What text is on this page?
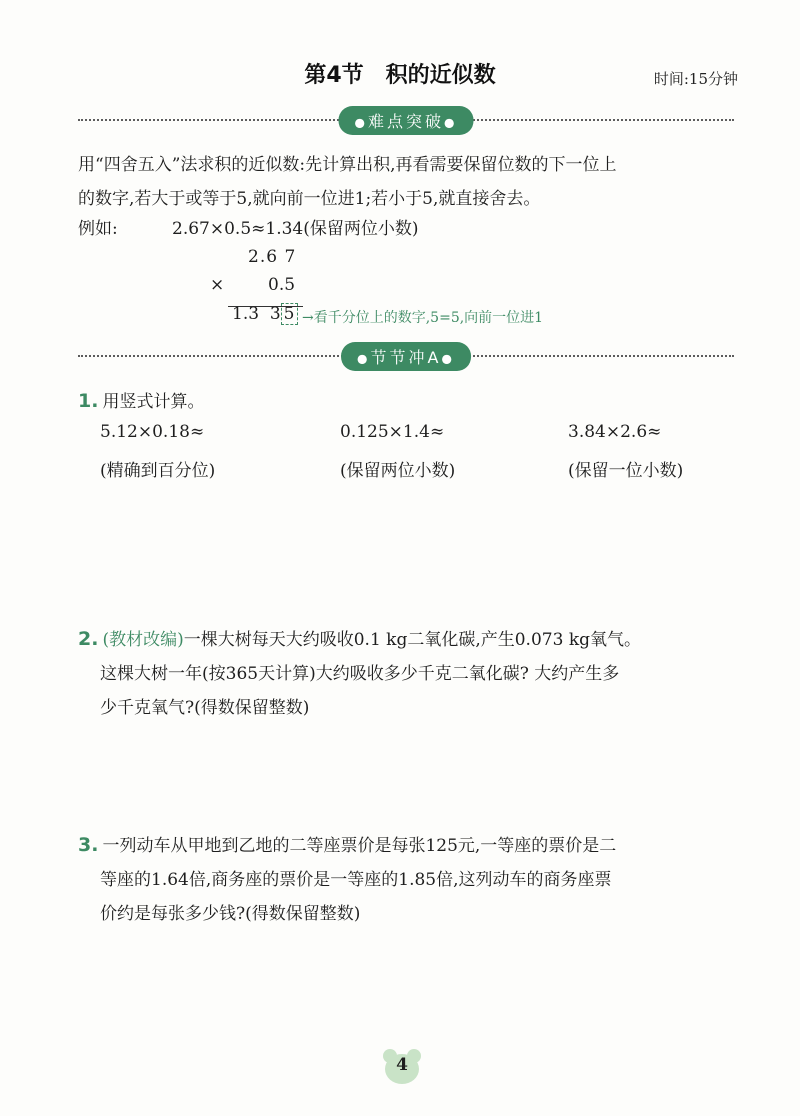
第4节 积的近似数	时间:15分钟
●难点突破●
用“四舍五入”法求积的近似数:先计算出积,再看需要保留位数的下一位上
的数字,若大于或等于5,就向前一位进1;若小于5,就直接舍去。
例如:	2.67×0.5≈1.34(保留两位小数)
2.6 7
×	0.5
1.3  3 5 →看千分位上的数字,5=5,向前一位进1
●节节冲A●
1. 用竖式计算。
5.12×0.18≈
(精确到百分位)
0.125×1.4≈
(保留两位小数)
3.84×2.6≈
(保留一位小数)
2. (教材改编)一棵大树每天大约吸收0.1 kg二氧化碳,产生0.073 kg氧气。
这棵大树一年(按365天计算)大约吸收多少千克二氧化碳? 大约产生多
少千克氧气?(得数保留整数)
3. 一列动车从甲地到乙地的二等座票价是每张125元,一等座的票价是二
等座的1.64倍,商务座的票价是一等座的1.85倍,这列动车的商务座票
价约是每张多少钱?(得数保留整数)
4
